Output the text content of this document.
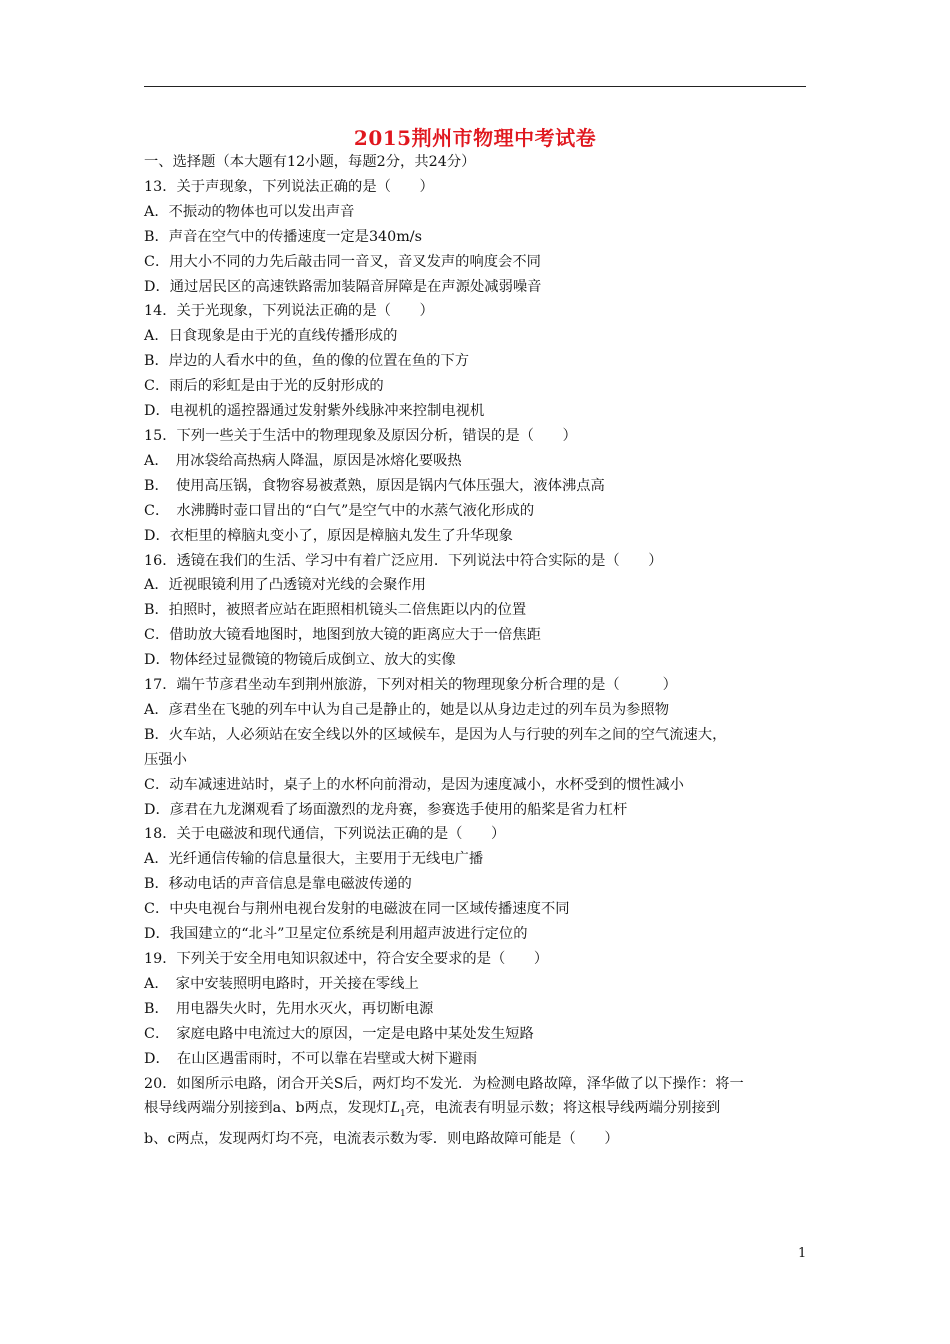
2015荆州市物理中考试卷
一、选择题（本大题有12小题，每题2分，共24分）
13．关于声现象，下列说法正确的是（　　）
A．不振动的物体也可以发出声音
B．声音在空气中的传播速度一定是340m/s
C．用大小不同的力先后敲击同一音叉，音叉发声的响度会不同
D．通过居民区的高速铁路需加装隔音屏障是在声源处减弱噪音
14．关于光现象，下列说法正确的是（　　）
A．日食现象是由于光的直线传播形成的
B．岸边的人看水中的鱼，鱼的像的位置在鱼的下方
C．雨后的彩虹是由于光的反射形成的
D．电视机的遥控器通过发射紫外线脉冲来控制电视机
15．下列一些关于生活中的物理现象及原因分析，错误的是（　　）
A．　用冰袋给高热病人降温，原因是冰熔化要吸热
B．　使用高压锅，食物容易被煮熟，原因是锅内气体压强大，液体沸点高
C．　水沸腾时壶口冒出的“白气”是空气中的水蒸气液化形成的
D．衣柜里的樟脑丸变小了，原因是樟脑丸发生了升华现象
16．透镜在我们的生活、学习中有着广泛应用．下列说法中符合实际的是（　　）
A．近视眼镜利用了凸透镜对光线的会聚作用
B．拍照时，被照者应站在距照相机镜头二倍焦距以内的位置
C．借助放大镜看地图时，地图到放大镜的距离应大于一倍焦距
D．物体经过显微镜的物镜后成倒立、放大的实像
17．端午节彦君坐动车到荆州旅游，下列对相关的物理现象分析合理的是（　　　）
A．彦君坐在飞驰的列车中认为自己是静止的，她是以从身边走过的列车员为参照物
B．火车站，人必须站在安全线以外的区域候车，是因为人与行驶的列车之间的空气流速大，
压强小
C．动车减速进站时，桌子上的水杯向前滑动，是因为速度减小，水杯受到的惯性减小
D．彦君在九龙渊观看了场面激烈的龙舟赛，参赛选手使用的船桨是省力杠杆
18．关于电磁波和现代通信，下列说法正确的是（　　）
A．光纤通信传输的信息量很大，主要用于无线电广播
B．移动电话的声音信息是靠电磁波传递的
C．中央电视台与荆州电视台发射的电磁波在同一区域传播速度不同
D．我国建立的“北斗”卫星定位系统是利用超声波进行定位的
19．下列关于安全用电知识叙述中，符合安全要求的是（　　）
A．　家中安装照明电路时，开关接在零线上
B．　用电器失火时，先用水灭火，再切断电源
C．　家庭电路中电流过大的原因，一定是电路中某处发生短路
D．　在山区遇雷雨时，不可以靠在岩壁或大树下避雨
20．如图所示电路，闭合开关S后，两灯均不发光．为检测电路故障，泽华做了以下操作：将一
根导线两端分别接到a、b两点，发现灯$L_1$亮，电流表有明显示数；将这根导线两端分别接到
b、c两点，发现两灯均不亮，电流表示数为零．则电路故障可能是（　　）
1
